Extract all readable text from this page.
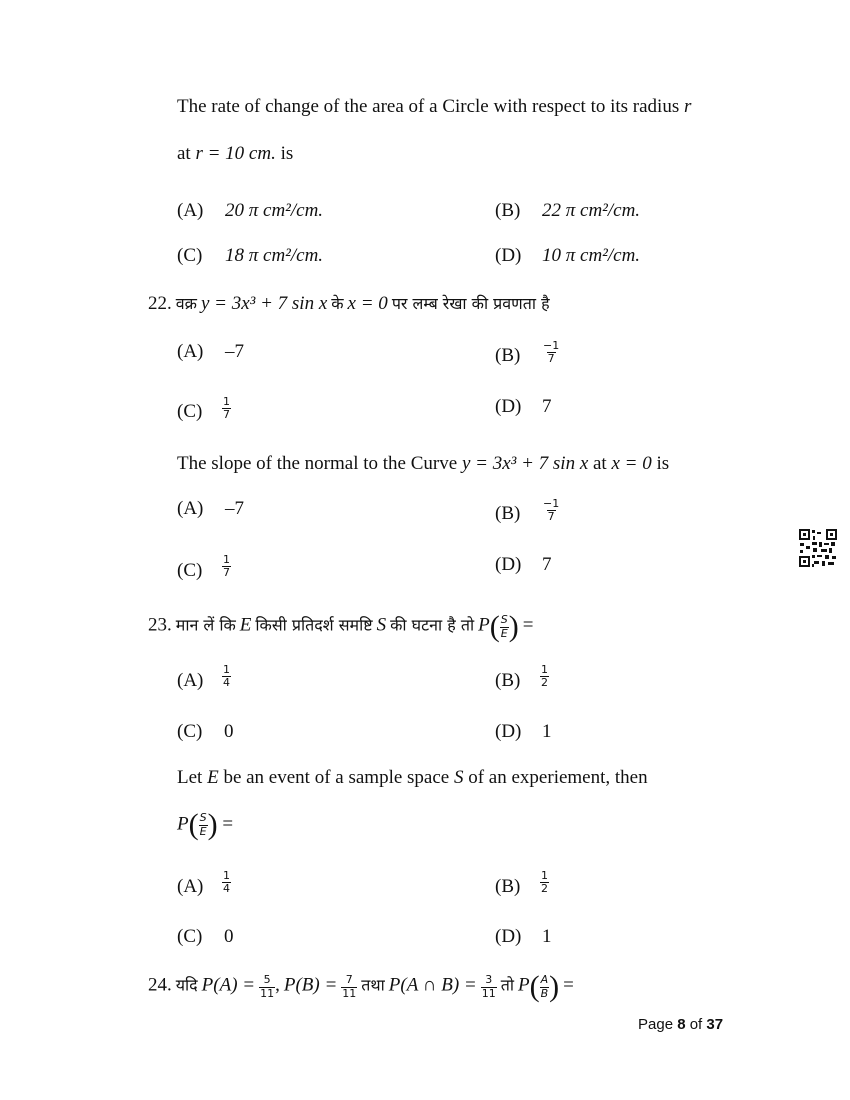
The rate of change of the area of a Circle with respect to its radius r
at r = 10 cm. is
(A) 20 π cm²/cm.	(B) 22 π cm²/cm.
(C) 18 π cm²/cm.	(D) 10 π cm²/cm.
22. वक्र y = 3x³ + 7 sin x के x = 0 पर लम्ब रेखा की प्रवणता है
(A) –7	$(B) \frac{-1}{7}$
$(C) \frac{1}{7}$	(D) 7
The slope of the normal to the Curve y = 3x³ + 7 sin x at x = 0 is
(A) –7	$(B) \frac{-1}{7}$
$(C) \frac{1}{7}$	(D) 7
23. मान लें कि E किसी प्रतिदर्श समष्टि S की घटना है तो $P( \frac{S}{E}$ ) =
$(A) \frac{1}{4}$	$(B) \frac{1}{2}$
(C) 0	(D) 1
Let E be an event of a sample space S of an experiement, then
$P( \frac{S}{E}$ ) =
$(A) \frac{1}{4}$	$(B) \frac{1}{2}$
(C) 0	(D) 1
24. यदि $P(A) = \frac{5}{11}$ , $P(B) = \frac{7}{11}$ तथा P(A ∩ $B) = \frac{3}{11}$ तो $P( \frac{A}{B}$ ) =
Page 8 of 37
